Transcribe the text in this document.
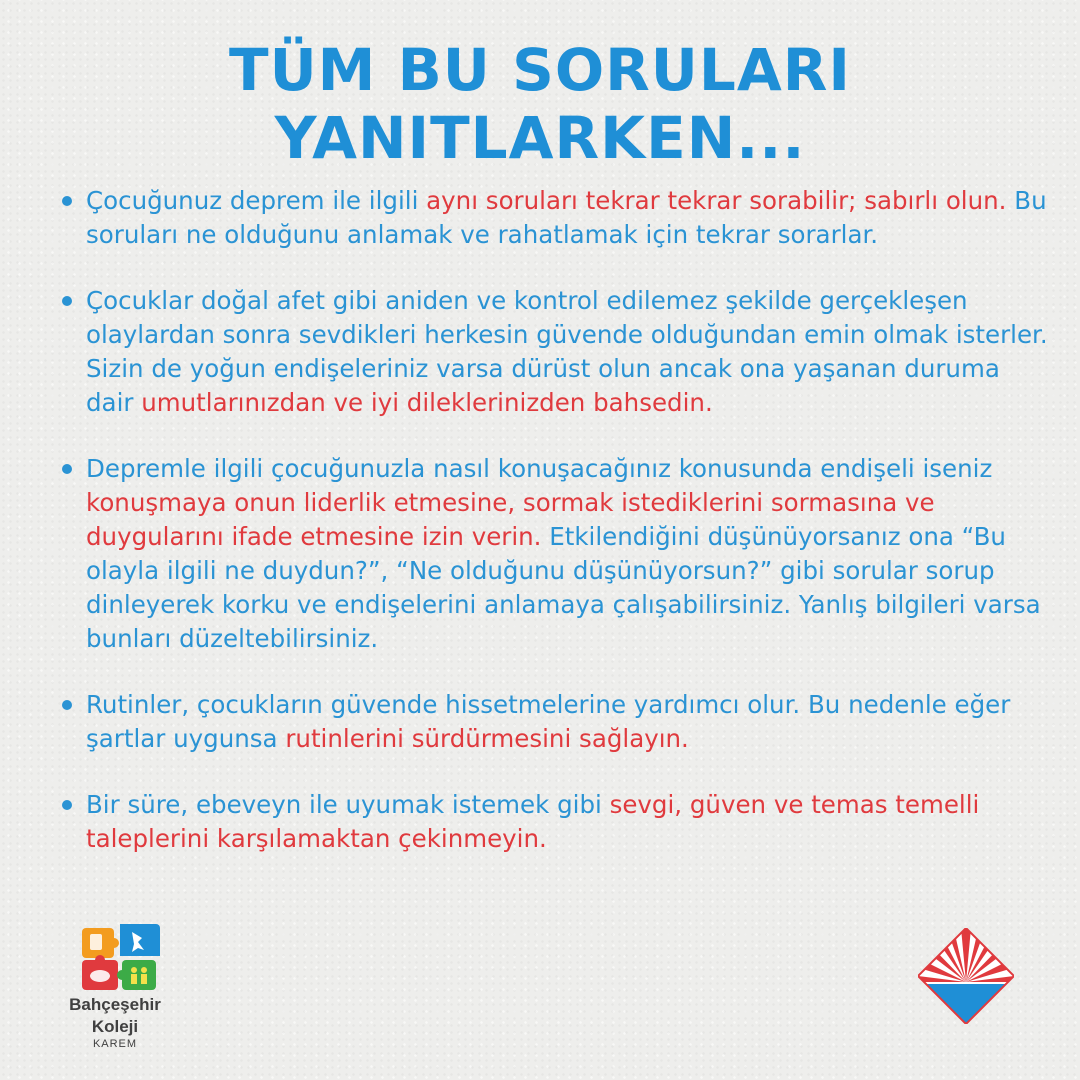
TÜM BU SORULARI
YANITLARKEN...
Çocuğunuz deprem ile ilgili aynı soruları tekrar tekrar sorabilir; sabırlı olun. Bu soruları ne olduğunu anlamak ve rahatlamak için tekrar sorarlar.
Çocuklar doğal afet gibi aniden ve kontrol edilemez şekilde gerçekleşen olaylardan sonra sevdikleri herkesin güvende olduğundan emin olmak isterler. Sizin de yoğun endişeleriniz varsa dürüst olun ancak ona yaşanan duruma dair umutlarınızdan ve iyi dileklerinizden bahsedin.
Depremle ilgili çocuğunuzla nasıl konuşacağınız konusunda endişeli iseniz konuşmaya onun liderlik etmesine, sormak istediklerini sormasına ve duygularını ifade etmesine izin verin. Etkilendiğini düşünüyorsanız ona “Bu olayla ilgili ne duydun?”, “Ne olduğunu düşünüyorsun?” gibi sorular sorup dinleyerek korku ve endişelerini anlamaya çalışabilirsiniz. Yanlış bilgileri varsa bunları düzeltebilirsiniz.
Rutinler, çocukların güvende hissetmelerine yardımcı olur. Bu nedenle eğer şartlar uygunsa rutinlerini sürdürmesini sağlayın.
Bir süre, ebeveyn ile uyumak istemek gibi sevgi, güven ve temas temelli taleplerini karşılamaktan çekinmeyin.
Bahçeşehir
Koleji
KAREM
